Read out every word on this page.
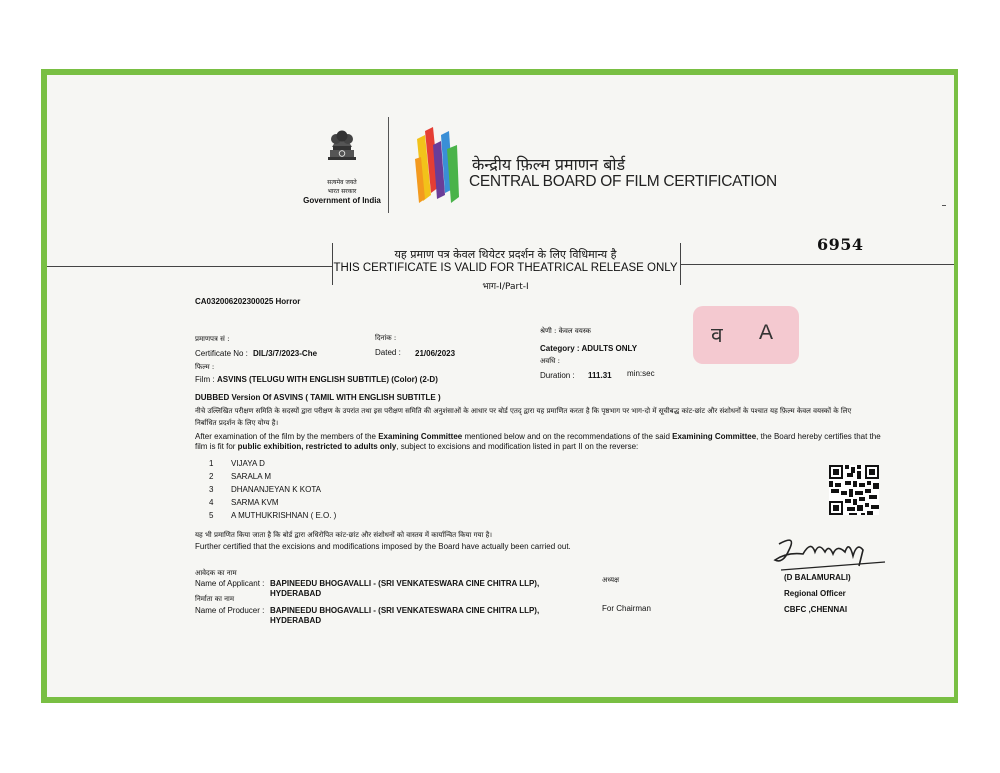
सत्यमेव जयते
भारत सरकार
Government of India
केन्द्रीय फ़िल्म प्रमाणन बोर्ड
CENTRAL BOARD OF FILM CERTIFICATION
यह प्रमाण पत्र केवल थियेटर प्रदर्शन के लिए विधिमान्य है
THIS CERTIFICATE IS VALID FOR THEATRICAL RELEASE ONLY
भाग-I/Part-I
6954
CA032006202300025 Horror
प्रमाणपत्र सं :
Certificate No : DIL/3/7/2023-Che
दिनांक :
Dated : 21/06/2023
श्रेणी : केवल वयस्क
Category : ADULTS ONLY
अवधि :
Duration : 111.31 min:sec
व A
फिल्म :
Film : ASVINS (TELUGU WITH ENGLISH SUBTITLE) (Color) (2-D)
DUBBED Version Of ASVINS ( TAMIL WITH ENGLISH SUBTITLE )
नीचे उल्लिखित परीक्षण समिति के सदस्यों द्वारा परीक्षण के उपरांत तथा इस परीक्षण समिति की अनुशंसाओं के आधार पर बोर्ड एतद् द्वारा यह प्रमाणित करता है कि पृष्ठभाग पर भाग-दो में सूचीबद्ध कांट-छांट और संशोधनों के पश्चात यह फ़िल्म केवल वयस्कों के लिए निर्बाधित प्रदर्शन के लिए योग्य है।
After examination of the film by the members of the Examining Committee mentioned below and on the recommendations of the said Examining Committee, the Board hereby certifies that the film is fit for public exhibition, restricted to adults only, subject to excisions and modification listed in part II on the reverse:
1 VIJAYA D
2 SARALA M
3 DHANANJEYAN K KOTA
4 SARMA KVM
5 A MUTHUKRISHNAN ( E.O. )
यह भी प्रमाणित किया जाता है कि बोर्ड द्वारा अधिरोपित कांट-छांट और संशोधनों को वास्तव में कार्यान्वित किया गया है।
Further certified that the excisions and modifications imposed by the Board have actually been carried out.
आवेदक का नाम
Name of Applicant : BAPINEEDU BHOGAVALLI - (SRI VENKATESWARA CINE CHITRA LLP),
HYDERABAD
निर्माता का नाम
Name of Producer : BAPINEEDU BHOGAVALLI - (SRI VENKATESWARA CINE CHITRA LLP),
HYDERABAD
अध्यक्ष
For Chairman
(D BALAMURALI)
Regional Officer
CBFC ,CHENNAI
